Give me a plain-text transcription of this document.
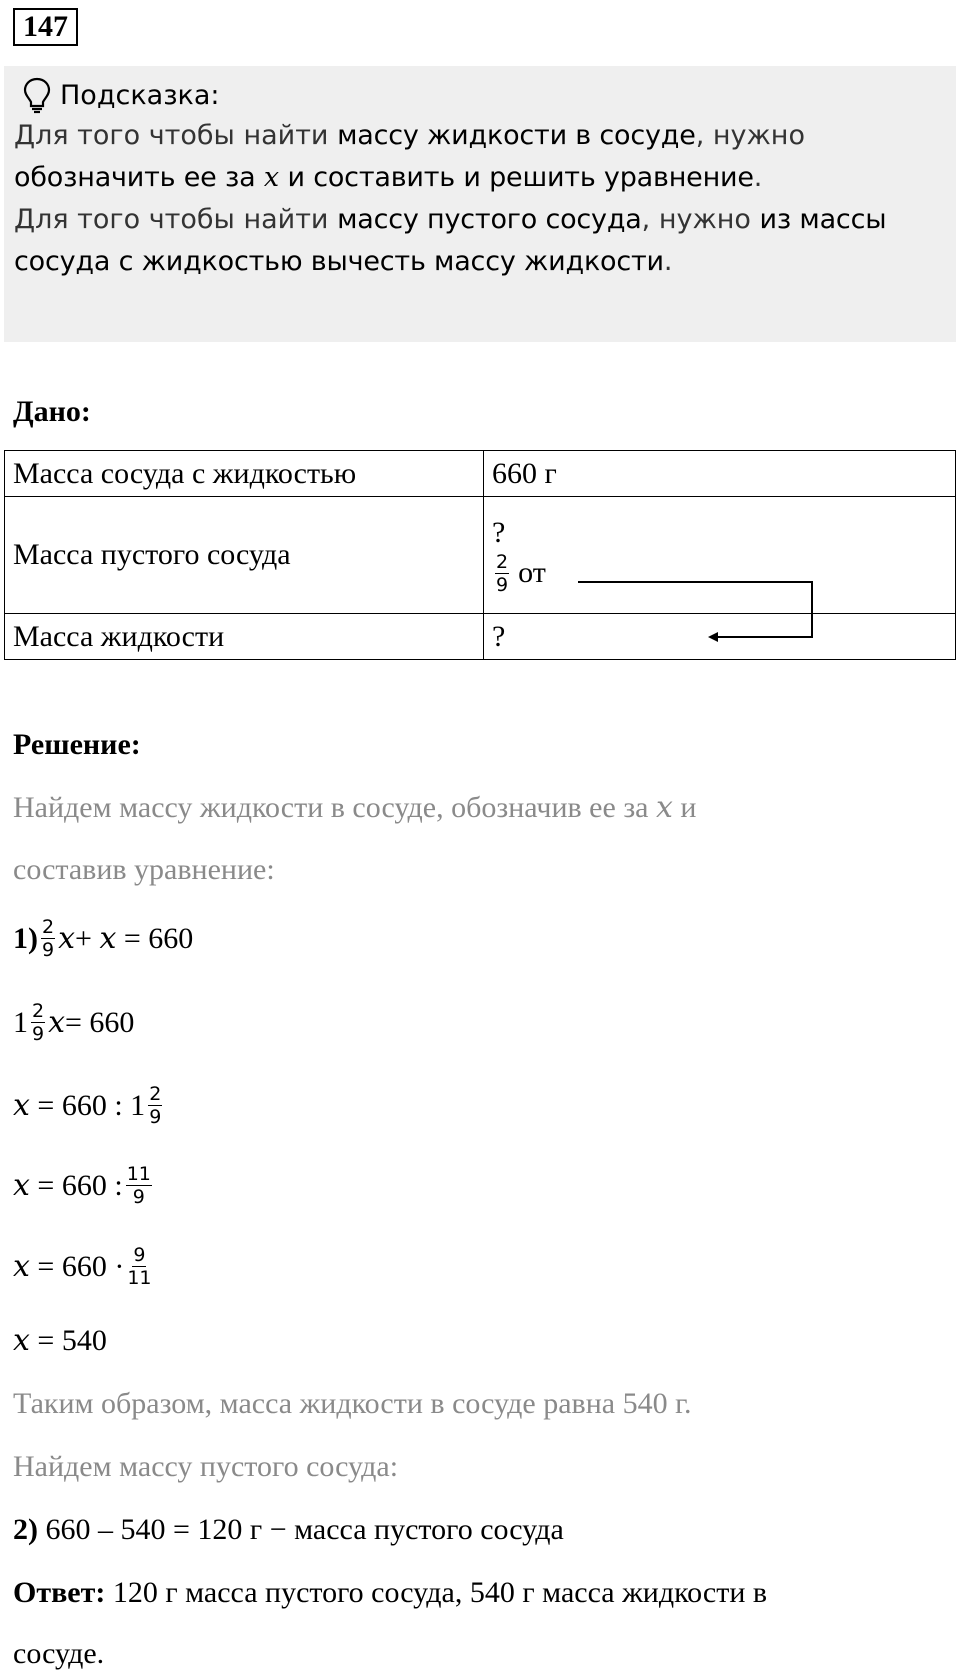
147
Подсказка:
Для того чтобы найти массу жидкости в сосуде, нужно
обозначить ее за x и составить и решить уравнение.
Для того чтобы найти массу пустого сосуда, нужно из массы
сосуда с жидкостью вычесть массу жидкости.
Дано:
Масса сосуда с жидкостью	660 г
Масса пустого сосуда	?
$\frac{2}{9}$ от

Масса жидкости	?
Решение:
Найдем массу жидкости в сосуде, обозначив ее за x и
составив уравнение:
$1) \frac{2}{9}$ x + x = 660
$1 \frac{2}{9}$ x = 660
x = 660 : $1 \frac{2}{9}$
x = 660 : $\frac{11}{9}$
$x = 660 \cdot \frac{9}{11}$
x = 540
Таким образом, масса жидкости в сосуде равна 540 г.
Найдем массу пустого сосуда:
2) 660 – 540 = 120 г − масса пустого сосуда
Ответ: 120 г масса пустого сосуда, 540 г масса жидкости в
сосуде.
